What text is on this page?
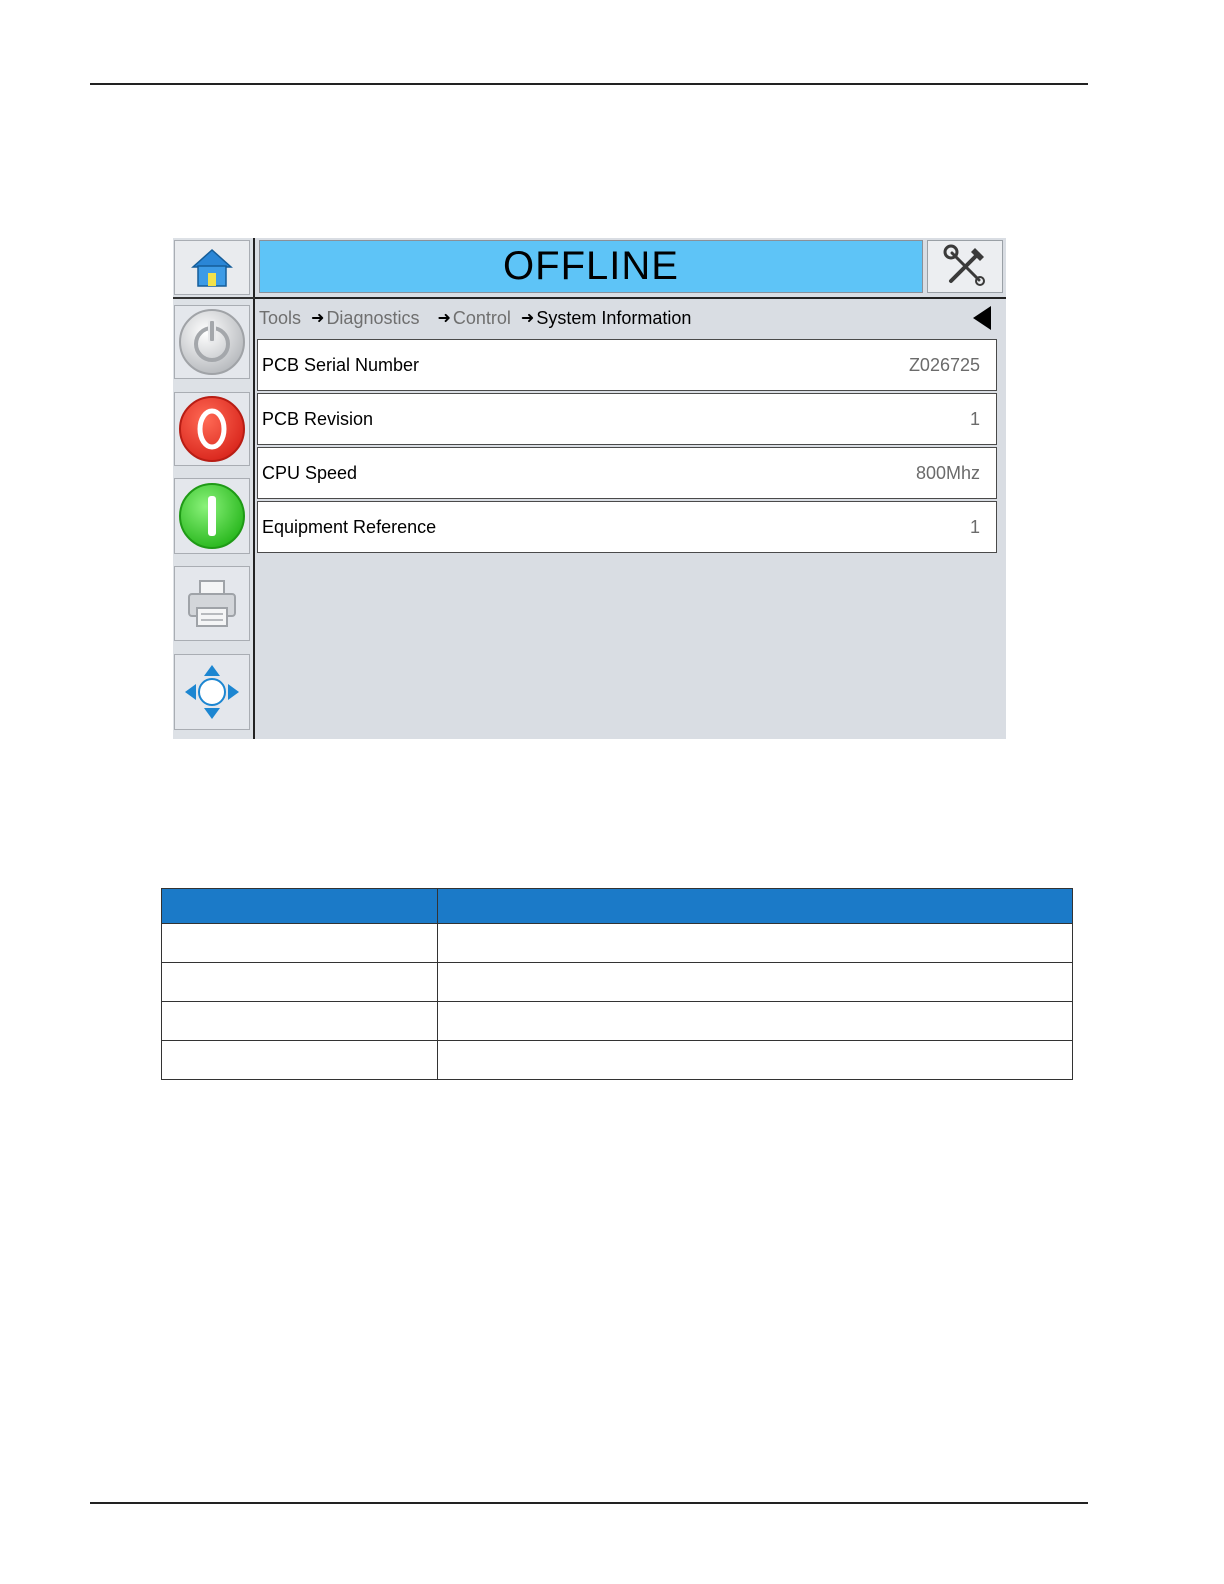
OFFLINE
Tools ➜ Diagnostics ➜ Control ➜ System Information
PCB Serial Number	Z026725
PCB Revision	1
CPU Speed	800Mhz
Equipment Reference	1
